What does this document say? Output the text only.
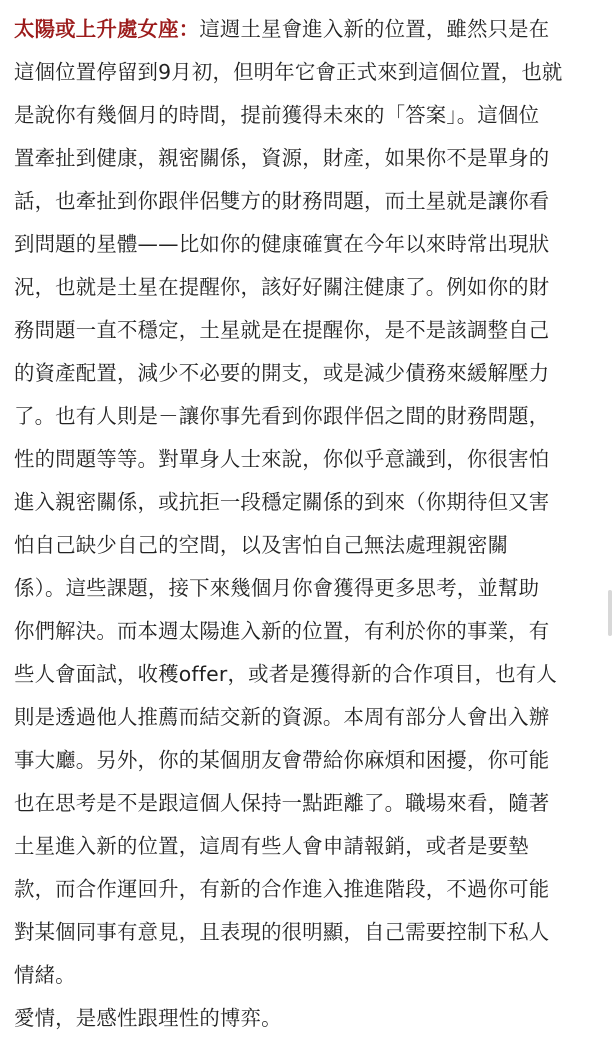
太陽或上升處女座：這週土星會進入新的位置，雖然只是在
這個位置停留到9月初，但明年它會正式來到這個位置，也就
是說你有幾個月的時間，提前獲得未來的「答案」。這個位
置牽扯到健康，親密關係，資源，財產，如果你不是單身的
話，也牽扯到你跟伴侶雙方的財務問題，而土星就是讓你看
到問題的星體——比如你的健康確實在今年以來時常出現狀
況，也就是土星在提醒你，該好好關注健康了。例如你的財
務問題一直不穩定，土星就是在提醒你，是不是該調整自己
的資產配置，減少不必要的開支，或是減少債務來緩解壓力
了。也有人則是－讓你事先看到你跟伴侶之間的財務問題，
性的問題等等。對單身人士來說，你似乎意識到，你很害怕
進入親密關係，或抗拒一段穩定關係的到來（你期待但又害
怕自己缺少自己的空間，以及害怕自己無法處理親密關
係）。這些課題，接下來幾個月你會獲得更多思考，並幫助
你們解決。而本週太陽進入新的位置，有利於你的事業，有
些人會面試，收穫offer，或者是獲得新的合作項目，也有人
則是透過他人推薦而結交新的資源。本周有部分人會出入辦
事大廳。另外，你的某個朋友會帶給你麻煩和困擾，你可能
也在思考是不是跟這個人保持一點距離了。職場來看，隨著
土星進入新的位置，這周有些人會申請報銷，或者是要墊
款，而合作運回升，有新的合作進入推進階段，不過你可能
對某個同事有意見，且表現的很明顯，自己需要控制下私人
情緒。

愛情，是感性跟理性的博弈。
